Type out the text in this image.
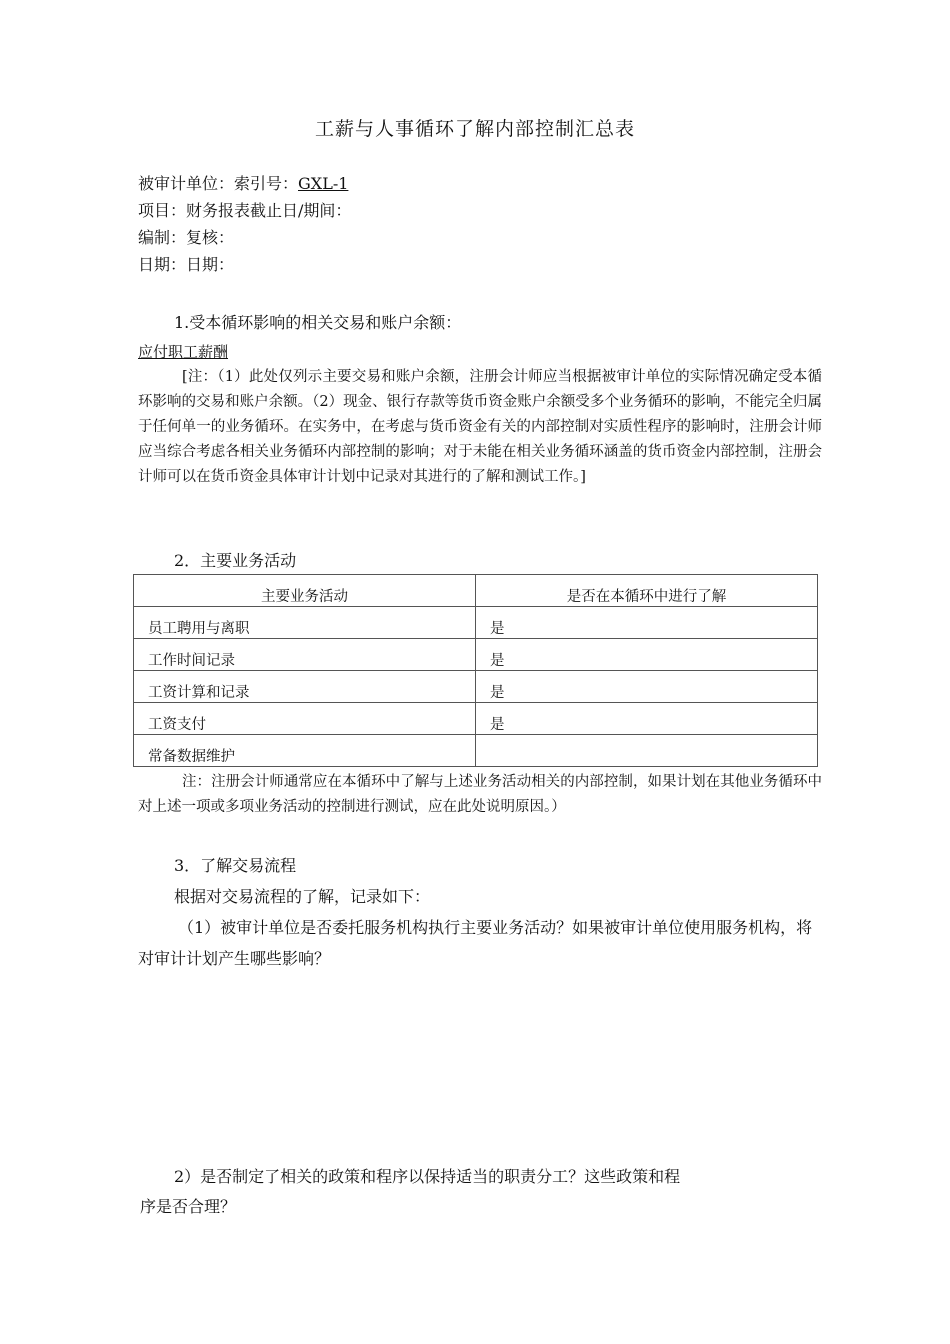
工薪与人事循环了解内部控制汇总表
被审计单位：索引号：GXL-1
项目：财务报表截止日/期间：
编制：复核：
日期：日期：
1.受本循环影响的相关交易和账户余额：
应付职工薪酬
[注：（1）此处仅列示主要交易和账户余额，注册会计师应当根据被审计单位的实际情况确定受本循环影响的交易和账户余额。（2）现金、银行存款等货币资金账户余额受多个业务循环的影响，不能完全归属于任何单一的业务循环。在实务中，在考虑与货币资金有关的内部控制对实质性程序的影响时，注册会计师应当综合考虑各相关业务循环内部控制的影响；对于未能在相关业务循环涵盖的货币资金内部控制，注册会计师可以在货币资金具体审计计划中记录对其进行的了解和测试工作。]
2．主要业务活动
主要业务活动	是否在本循环中进行了解
员工聘用与离职	是
工作时间记录	是
工资计算和记录	是
工资支付	是
常备数据维护	
注：注册会计师通常应在本循环中了解与上述业务活动相关的内部控制，如果计划在其他业务循环中对上述一项或多项业务活动的控制进行测试，应在此处说明原因。）
3．了解交易流程
根据对交易流程的了解，记录如下：
（1）被审计单位是否委托服务机构执行主要业务活动？如果被审计单位使用服务机构，将对审计计划产生哪些影响？
2）是否制定了相关的政策和程序以保持适当的职责分工？这些政策和程
序是否合理？
